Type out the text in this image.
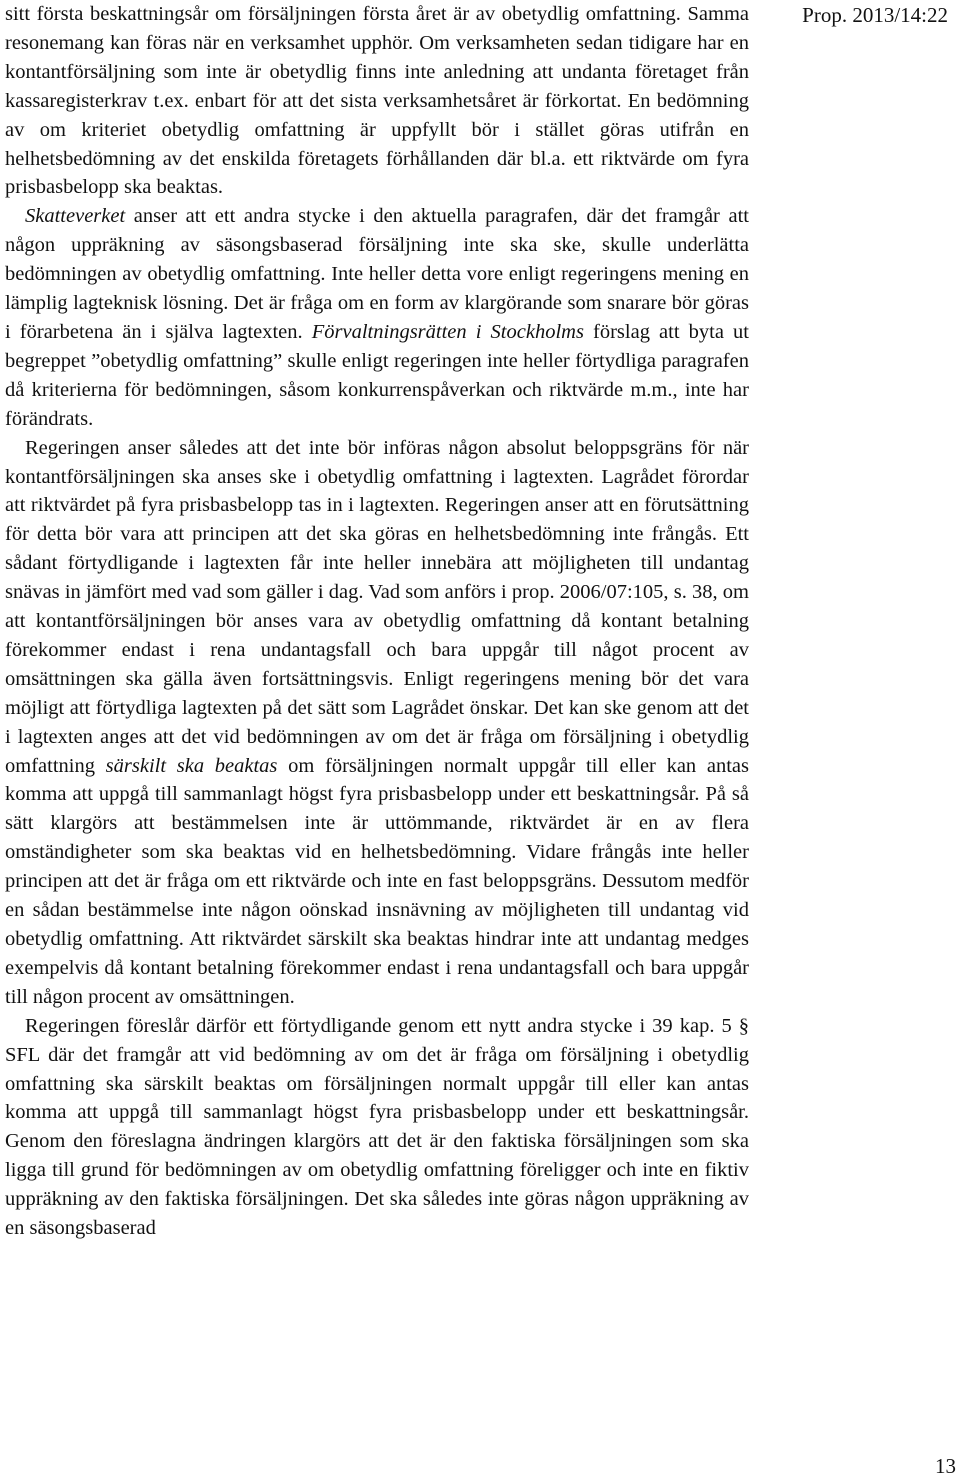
Prop. 2013/14:22

sitt första beskattningsår om försäljningen första året är av obetydlig omfattning. Samma resonemang kan föras när en verksamhet upphör. Om verksamheten sedan tidigare har en kontantförsäljning som inte är obetydlig finns inte anledning att undanta företaget från kassaregisterkrav t.ex. enbart för att det sista verksamhetsåret är förkortat. En bedömning av om kriteriet obetydlig omfattning är uppfyllt bör i stället göras utifrån en helhetsbedömning av det enskilda företagets förhållanden där bl.a. ett riktvärde om fyra prisbasbelopp ska beaktas.

Skatteverket anser att ett andra stycke i den aktuella paragrafen, där det framgår att någon uppräkning av säsongsbaserad försäljning inte ska ske, skulle underlätta bedömningen av obetydlig omfattning. Inte heller detta vore enligt regeringens mening en lämplig lagteknisk lösning. Det är fråga om en form av klargörande som snarare bör göras i förarbetena än i själva lagtexten. Förvaltningsrätten i Stockholms förslag att byta ut begreppet ”obetydlig omfattning” skulle enligt regeringen inte heller förtydliga paragrafen då kriterierna för bedömningen, såsom konkurrenspåverkan och riktvärde m.m., inte har förändrats.

Regeringen anser således att det inte bör införas någon absolut beloppsgräns för när kontantförsäljningen ska anses ske i obetydlig omfattning i lagtexten. Lagrådet förordar att riktvärdet på fyra prisbasbelopp tas in i lagtexten. Regeringen anser att en förutsättning för detta bör vara att principen att det ska göras en helhetsbedömning inte frångås. Ett sådant förtydligande i lagtexten får inte heller innebära att möjligheten till undantag snävas in jämfört med vad som gäller i dag. Vad som anförs i prop. 2006/07:105, s. 38, om att kontantförsäljningen bör anses vara av obetydlig omfattning då kontant betalning förekommer endast i rena undantagsfall och bara uppgår till något procent av omsättningen ska gälla även fortsättningsvis. Enligt regeringens mening bör det vara möjligt att förtydliga lagtexten på det sätt som Lagrådet önskar. Det kan ske genom att det i lagtexten anges att det vid bedömningen av om det är fråga om försäljning i obetydlig omfattning särskilt ska beaktas om försäljningen normalt uppgår till eller kan antas komma att uppgå till sammanlagt högst fyra prisbasbelopp under ett beskattningsår. På så sätt klargörs att bestämmelsen inte är uttömmande, riktvärdet är en av flera omständigheter som ska beaktas vid en helhetsbedömning. Vidare frångås inte heller principen att det är fråga om ett riktvärde och inte en fast beloppsgräns. Dessutom medför en sådan bestämmelse inte någon oönskad insnävning av möjligheten till undantag vid obetydlig omfattning. Att riktvärdet särskilt ska beaktas hindrar inte att undantag medges exempelvis då kontant betalning förekommer endast i rena undantagsfall och bara uppgår till någon procent av omsättningen.

Regeringen föreslår därför ett förtydligande genom ett nytt andra stycke i 39 kap. 5 § SFL där det framgår att vid bedömning av om det är fråga om försäljning i obetydlig omfattning ska särskilt beaktas om försäljningen normalt uppgår till eller kan antas komma att uppgå till sammanlagt högst fyra prisbasbelopp under ett beskattningsår. Genom den föreslagna ändringen klargörs att det är den faktiska försäljningen som ska ligga till grund för bedömningen av om obetydlig omfattning föreligger och inte en fiktiv uppräkning av den faktiska försäljningen. Det ska således inte göras någon uppräkning av en säsongsbaserad

13
